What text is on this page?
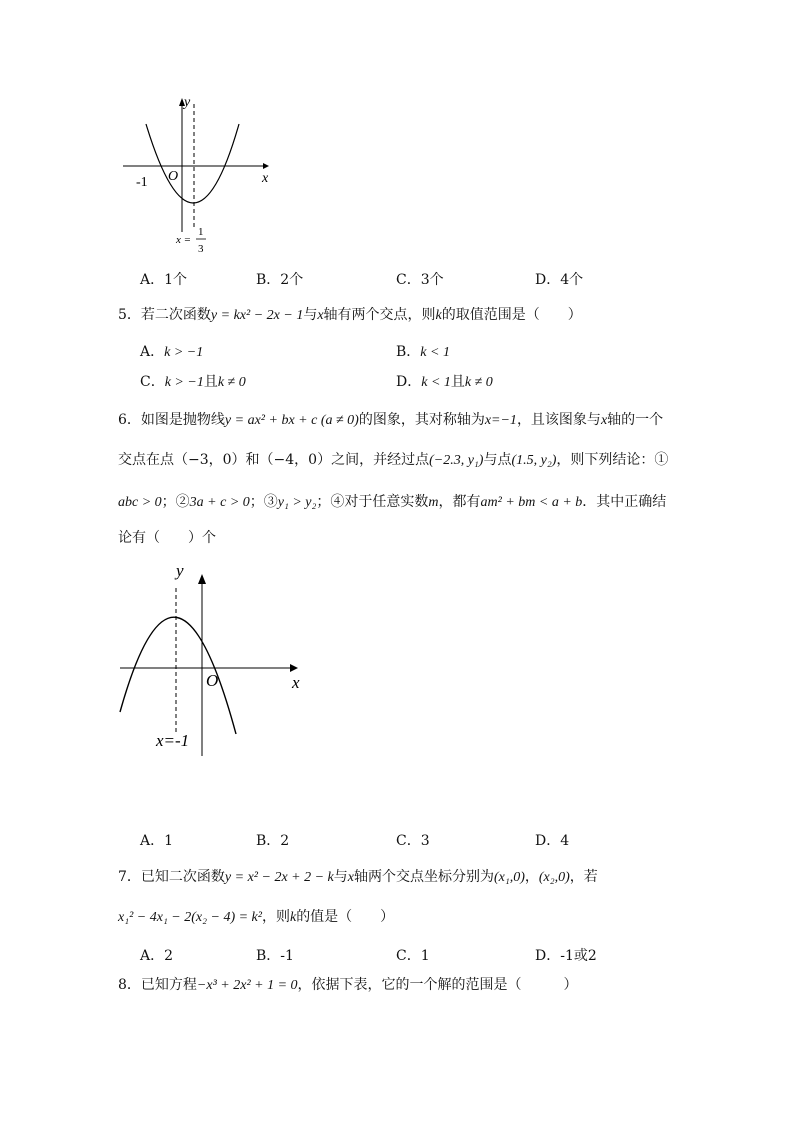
y
x
O
-1
x =
1
3
A．1个	B．2个	C．3个	D．4个
5．若二次函数y = kx² − 2x − 1与x轴有两个交点，则k的取值范围是（　　）
A．k > −1	B．k < 1
C．k > −1且k ≠ 0	D．k < 1且k ≠ 0
6．如图是抛物线y = ax² + bx + c (a ≠ 0)的图象，其对称轴为x=−1，且该图象与x轴的一个
交点在点（−3，0）和（−4，0）之间，并经过点(−2.3, y₁)与点(1.5, y₂)，则下列结论：①
abc > 0；②3a + c > 0；③y₁ > y₂；④对于任意实数m，都有am² + bm < a + b．其中正确结
论有（　　）个
y
x
O
x=-1
A．1	B．2	C．3	D．4
7．已知二次函数y = x² − 2x + 2 − k与x轴两个交点坐标分别为(x₁,0)，(x₂,0)，若
x₁² − 4x₁ − 2(x₂ − 4) = k²，则k的值是（　　）
A．2	B．-1	C．1	D．-1或2
8．已知方程−x³ + 2x² + 1 = 0，依据下表，它的一个解的范围是（　　　）
